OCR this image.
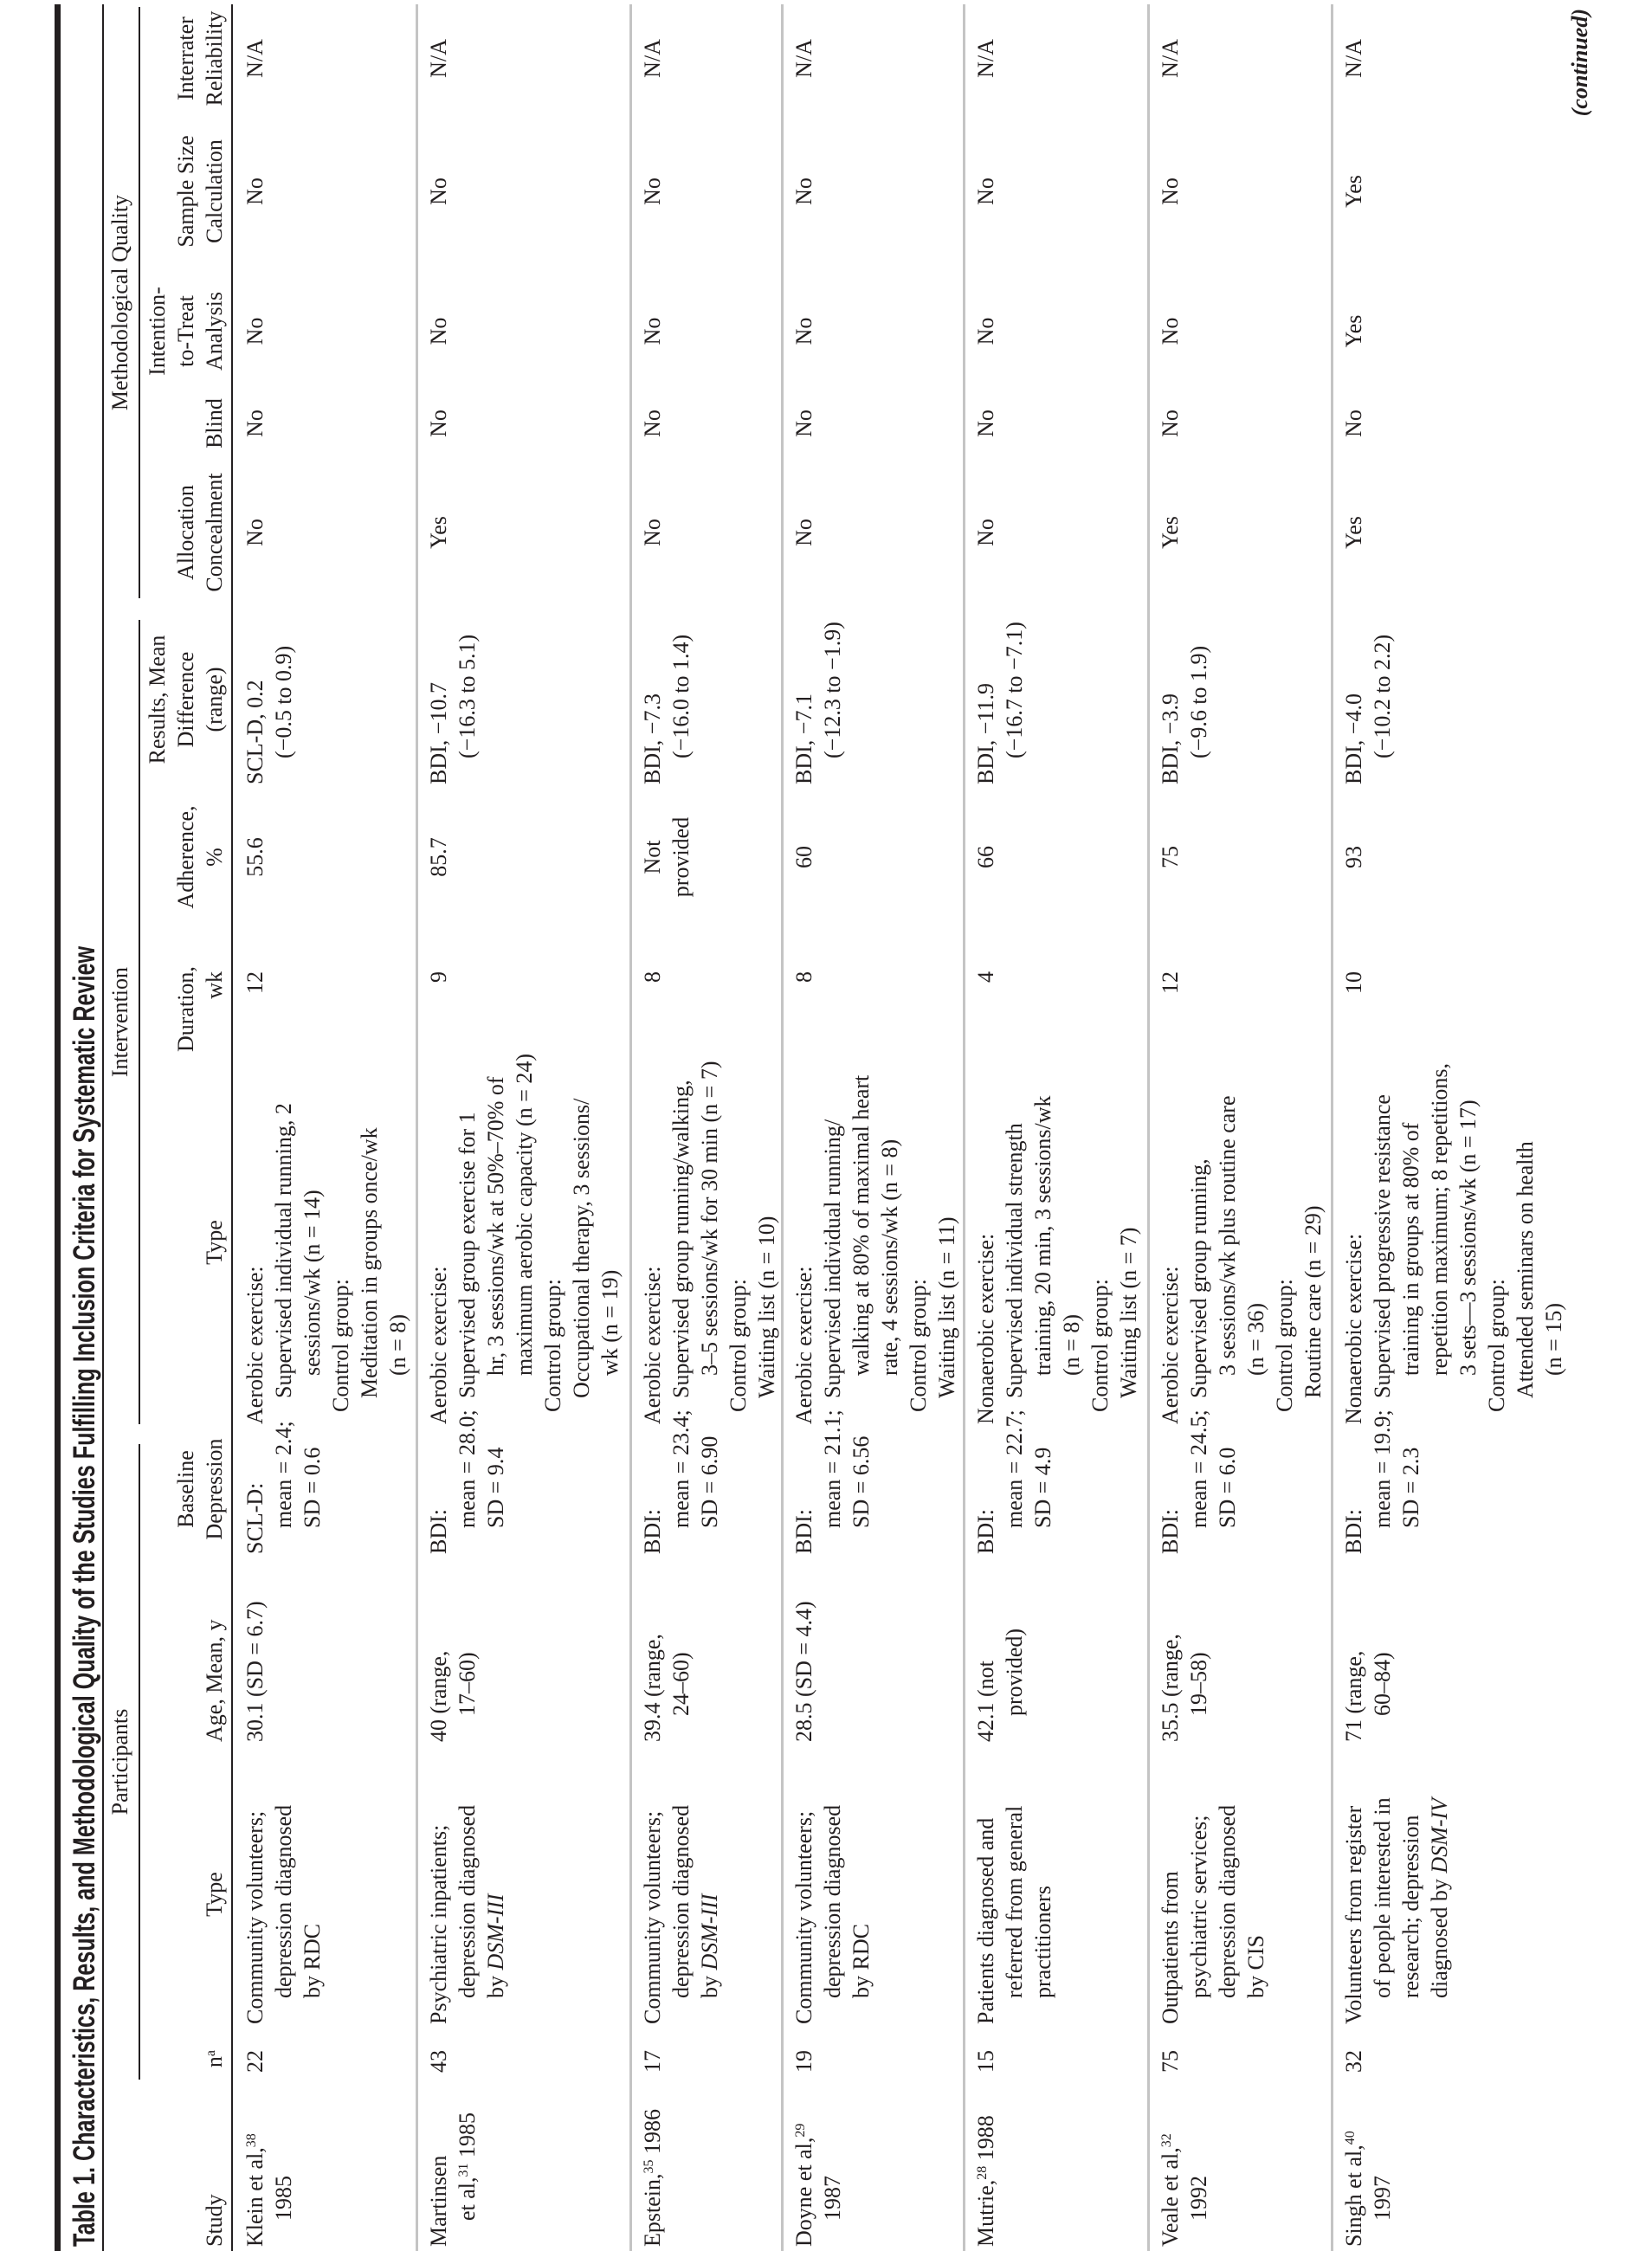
Table 1. Characteristics, Results, and Methodological Quality of the Studies Fulfilling Inclusion Criteria for Systematic Review Participants
Intervention
Methodological Quality
Study
$n^a$
Type
Age, Mean, y
Baseline Depression
Type
Duration, wk
Adherence, %
Results, Mean Difference (range)
Allocation Concealment
Blind
Intention- to-Treat Analysis
Sample Size Calculation
Interrater Reliability
Klein et al,$^{38}$
1985
22
Community volunteers; depression diagnosed by RDC
30.1 (SD = 6.7)
SCL-D: mean = 2.4; SD = 0.6
Aerobic exercise: Supervised individual running, 2 sessions/wk (n = 14) Control group: Meditation in groups once/wk (n = 8)
12
55.6
SCL-D, 0.2 (−0.5 to 0.9)
No
No
No
No
N/A
Martinsen et al,$^{31}$ 1985
43
Psychiatric inpatients; depression diagnosed by DSM-III
40 (range, 17–60)
BDI:
mean = 28.0; SD = 9.4
Aerobic exercise: Supervised group exercise for 1 hr, 3 sessions/wk at 50%–70% of maximum aerobic capacity (n = 24) Control group: Occupational therapy, 3 sessions/ wk (n = 19)
9
85.7
BDI, −10.7 (−16.3 to 5.1)
Yes
No
No
No
N/A
Epstein,$^{35}$ 1986
17
Community volunteers; depression diagnosed by DSM-III
39.4 (range, 24–60)
BDI:
mean = 23.4; SD = 6.90
Aerobic exercise: Supervised group running/walking, 3–5 sessions/wk for 30 min (n = 7) Control group: Waiting list (n = 10)
8
Not provided
BDI, −7.3 (−16.0 to 1.4)
No
No
No
No
N/A
Doyne et al,$^{29}$
1987
19
Community volunteers; depression diagnosed by RDC
28.5 (SD = 4.4)
BDI:
mean = 21.1; SD = 6.56
Aerobic exercise: Supervised individual running/ walking at 80% of maximal heart rate, 4 sessions/wk (n = 8) Control group: Waiting list (n = 11)
8
60
BDI, −7.1 (−12.3 to −1.9)
No
No
No
No
N/A
Mutrie,$^{28}$ 1988
15
Patients diagnosed and referred from general practitioners
42.1 (not provided)
BDI:
mean = 22.7; SD = 4.9
Nonaerobic exercise: Supervised individual strength training, 20 min, 3 sessions/wk (n = 8) Control group: Waiting list (n = 7)
4
66
BDI, −11.9 (−16.7 to −7.1)
No
No
No
No
N/A
Veale et al,$^{32}$
1992
75
Outpatients from psychiatric services; depression diagnosed by CIS
35.5 (range, 19–58)
BDI:
mean = 24.5; SD = 6.0
Aerobic exercise: Supervised group running, 3 sessions/wk plus routine care (n = 36) Control group: Routine care (n = 29)
12
75
BDI, −3.9 (−9.6 to 1.9)
Yes
No
No
No
N/A
Singh et al,$^{40}$
1997
32
Volunteers from register of people interested in research; depression diagnosed by DSM-IV
71 (range, 60–84)
BDI:
mean = 19.9; SD = 2.3
Nonaerobic exercise: Supervised progressive resistance training in groups at 80% of repetition maximum; 8 repetitions, 3 sets—3 sessions/wk (n = 17) Control group: Attended seminars on health (n = 15)
10
93
BDI, −4.0 (−10.2 to 2.2)
Yes
No
Yes
Yes
N/A	(continued)
